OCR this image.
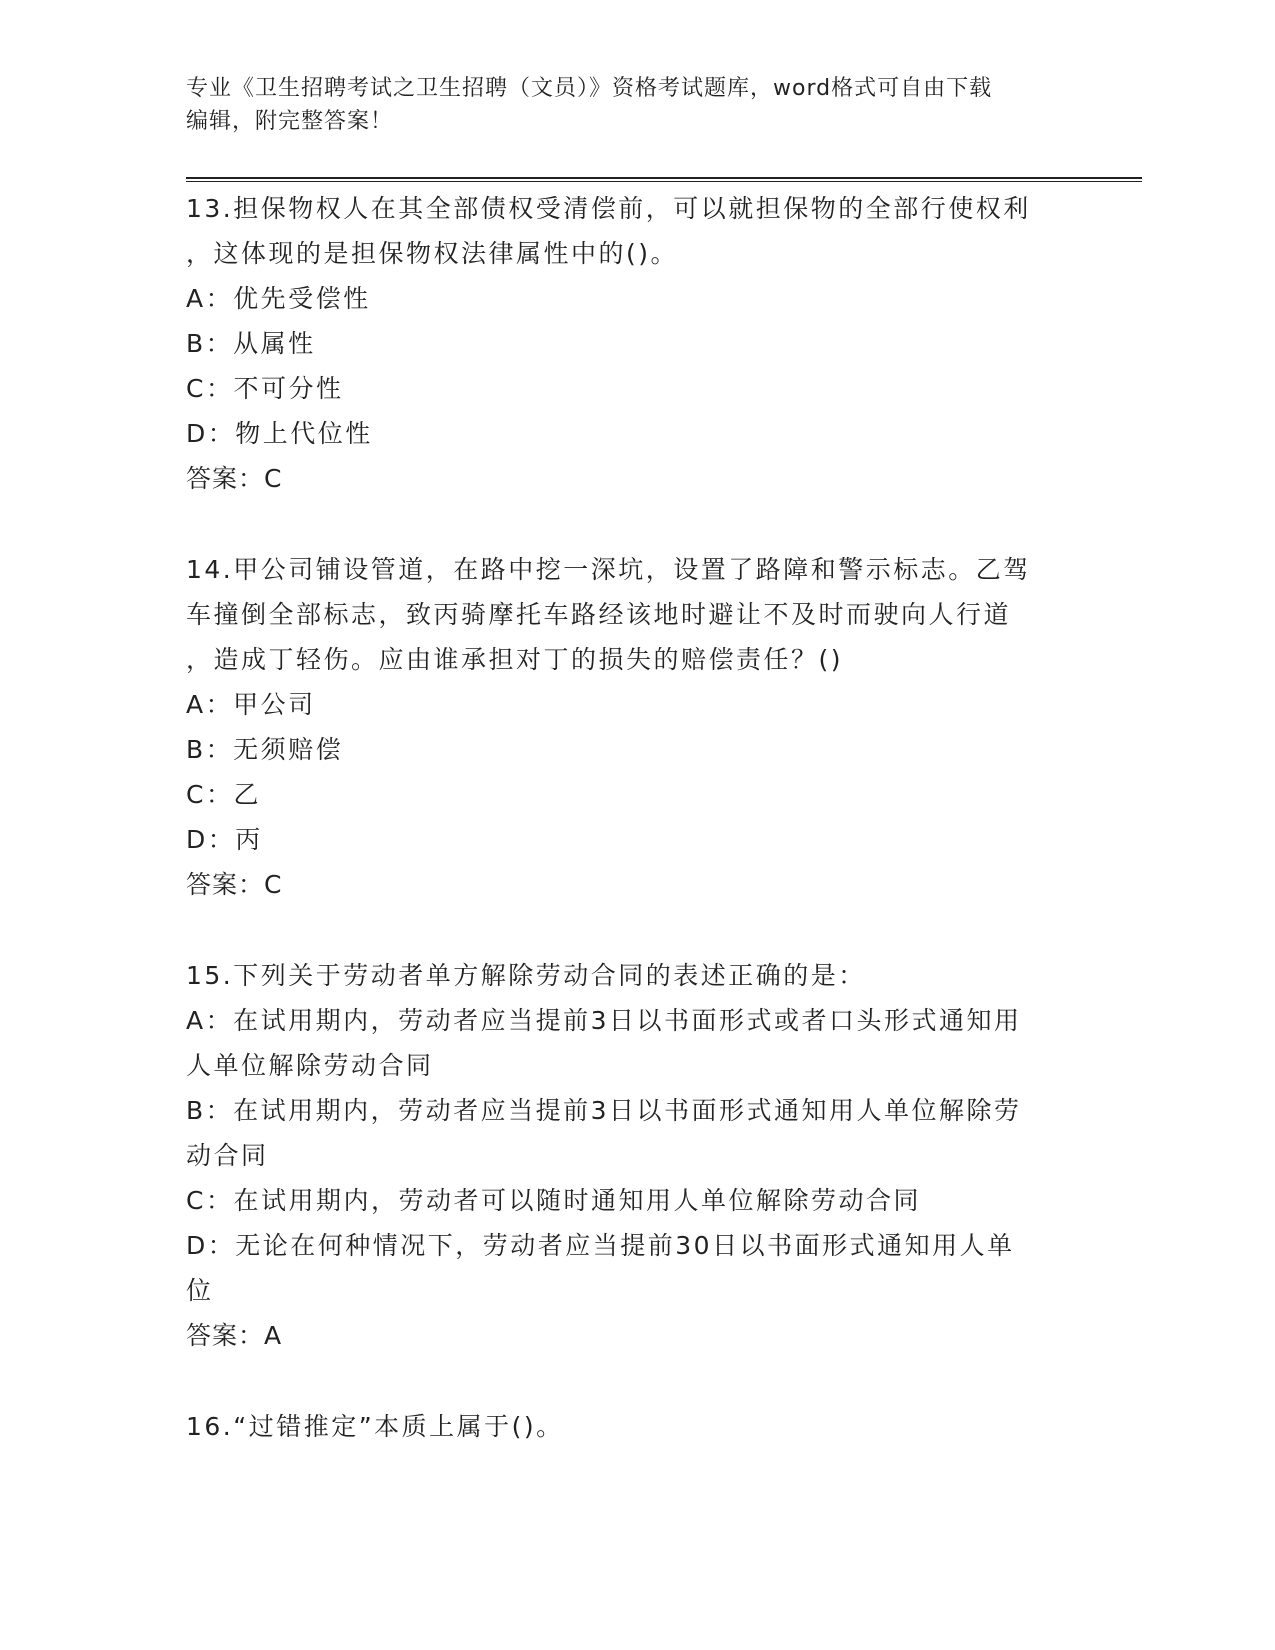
专业《卫生招聘考试之卫生招聘（文员）》资格考试题库，word格式可自由下载
编辑，附完整答案！
13.担保物权人在其全部债权受清偿前，可以就担保物的全部行使权利
，这体现的是担保物权法律属性中的()。
A：优先受偿性
B：从属性
C：不可分性
D：物上代位性
答案：C
14.甲公司铺设管道，在路中挖一深坑，设置了路障和警示标志。乙驾
车撞倒全部标志，致丙骑摩托车路经该地时避让不及时而驶向人行道
，造成丁轻伤。应由谁承担对丁的损失的赔偿责任？()
A：甲公司
B：无须赔偿
C：乙
D：丙
答案：C
15.下列关于劳动者单方解除劳动合同的表述正确的是：
A：在试用期内，劳动者应当提前3日以书面形式或者口头形式通知用
人单位解除劳动合同
B：在试用期内，劳动者应当提前3日以书面形式通知用人单位解除劳
动合同
C：在试用期内，劳动者可以随时通知用人单位解除劳动合同
D：无论在何种情况下，劳动者应当提前30日以书面形式通知用人单
位
答案：A
16.“过错推定”本质上属于()。
